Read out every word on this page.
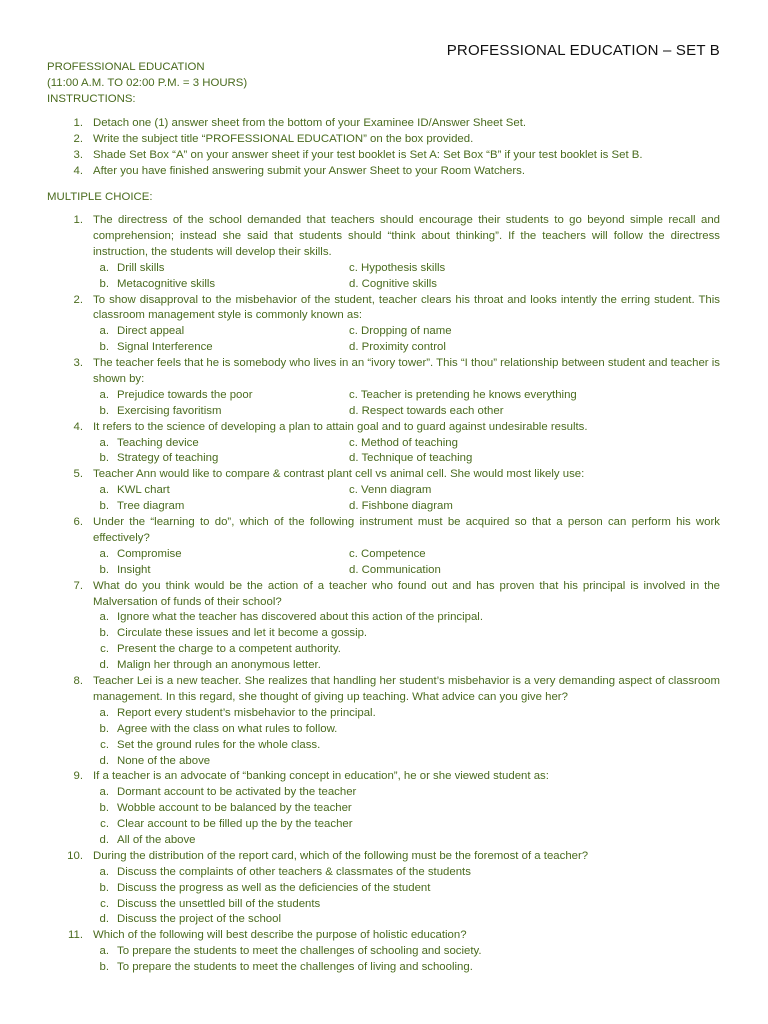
PROFESSIONAL EDUCATION – SET B
PROFESSIONAL EDUCATION
(11:00 A.M. TO 02:00 P.M. = 3 HOURS)
INSTRUCTIONS:
1. Detach one (1) answer sheet from the bottom of your Examinee ID/Answer Sheet Set.
2. Write the subject title “PROFESSIONAL EDUCATION” on the box provided.
3. Shade Set Box “A” on your answer sheet if your test booklet is Set A: Set Box “B” if your test booklet is Set B.
4. After you have finished answering submit your Answer Sheet to your Room Watchers.
MULTIPLE CHOICE:
1. The directress of the school demanded that teachers should encourage their students to go beyond simple recall and comprehension; instead she said that students should “think about thinking”. If the teachers will follow the directress instruction, the students will develop their skills.
a. Drill skills	c. Hypothesis skills
b. Metacognitive skills	d. Cognitive skills
2. To show disapproval to the misbehavior of the student, teacher clears his throat and looks intently the erring student. This classroom management style is commonly known as:
a. Direct appeal	c. Dropping of name
b. Signal Interference	d. Proximity control
3. The teacher feels that he is somebody who lives in an “ivory tower”. This “I thou” relationship between student and teacher is shown by:
a. Prejudice towards the poor	c. Teacher is pretending he knows everything
b. Exercising favoritism	d. Respect towards each other
4. It refers to the science of developing a plan to attain goal and to guard against undesirable results.
a. Teaching device	c. Method of teaching
b. Strategy of teaching	d. Technique of teaching
5. Teacher Ann would like to compare & contrast plant cell vs animal cell. She would most likely use:
a. KWL chart	c. Venn diagram
b. Tree diagram	d. Fishbone diagram
6. Under the “learning to do”, which of the following instrument must be acquired so that a person can perform his work effectively?
a. Compromise	c. Competence
b. Insight	d. Communication
7. What do you think would be the action of a teacher who found out and has proven that his principal is involved in the Malversation of funds of their school?
a. Ignore what the teacher has discovered about this action of the principal.
b. Circulate these issues and let it become a gossip.
c. Present the charge to a competent authority.
d. Malign her through an anonymous letter.
8. Teacher Lei is a new teacher. She realizes that handling her student’s misbehavior is a very demanding aspect of classroom management. In this regard, she thought of giving up teaching. What advice can you give her?
a. Report every student’s misbehavior to the principal.
b. Agree with the class on what rules to follow.
c. Set the ground rules for the whole class.
d. None of the above
9. If a teacher is an advocate of “banking concept in education”, he or she viewed student as:
a. Dormant account to be activated by the teacher
b. Wobble account to be balanced by the teacher
c. Clear account to be filled up the by the teacher
d. All of the above
10. During the distribution of the report card, which of the following must be the foremost of a teacher?
a. Discuss the complaints of other teachers & classmates of the students
b. Discuss the progress as well as the deficiencies of the student
c. Discuss the unsettled bill of the students
d. Discuss the project of the school
11. Which of the following will best describe the purpose of holistic education?
a. To prepare the students to meet the challenges of schooling and society.
b. To prepare the students to meet the challenges of living and schooling.
